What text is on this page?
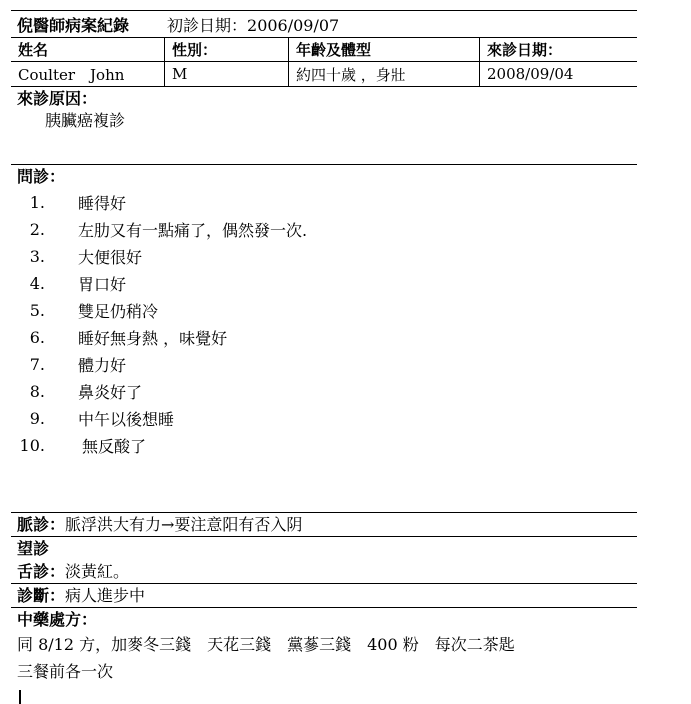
倪醫師病案紀錄 初診日期：2006/09/07
姓名	性別：	年齡及體型	來診日期：
Coulter　John	M	約四十歲 ，身壯	2008/09/04
來診原因：
胰臟癌複診
問診：
1. 睡得好
2. 左肋又有一點痛了，偶然發一次.
3. 大便很好
4. 胃口好
5. 雙足仍稍冷
6. 睡好無身熱 ，味覺好
7. 體力好
8. 鼻炎好了
9. 中午以後想睡
10. 無反酸了
脈診：脈浮洪大有力→要注意阳有否入阴
望診
舌診：淡黃紅。
診斷：病人進步中
中藥處方：
同 8/12 方，加麥冬三錢　天花三錢　黨蔘三錢　400 粉　每次二茶匙
三餐前各一次
